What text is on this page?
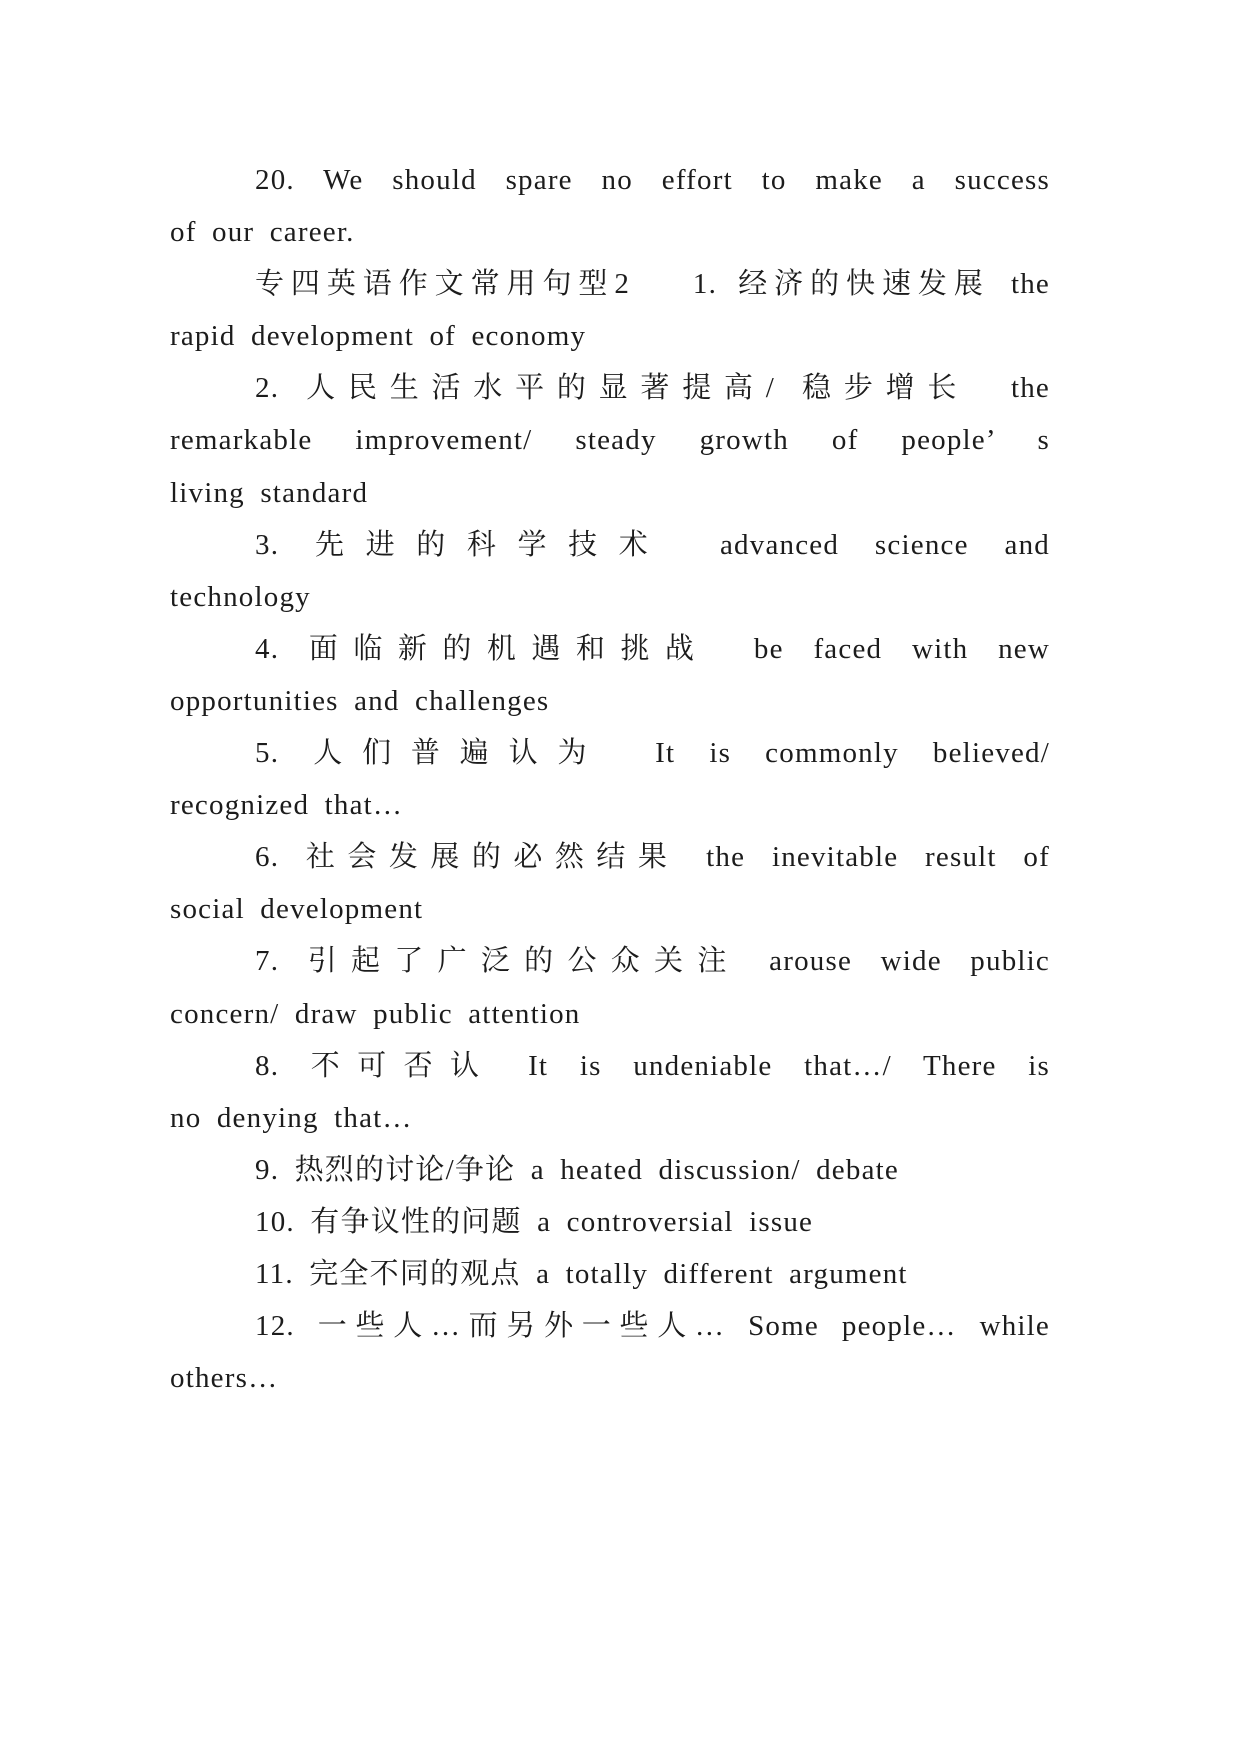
20. We should spare no effort to make a success
of our career.
专四英语作文常用句型2　 1. 经济的快速发展 the
rapid development of economy
2. 人民生活水平的显著提高/ 稳步增长　the
remarkable improvement/ steady growth of people’ s
living standard
3. 先进的科学技术　advanced science and
technology
4. 面临新的机遇和挑战　be faced with new
opportunities and challenges
5. 人们普遍认为　It is commonly believed/
recognized that…
6. 社会发展的必然结果 the inevitable result of
social development
7. 引起了广泛的公众关注 arouse wide public
concern/ draw public attention
8. 不可否认 It is undeniable that…/ There is
no denying that…
9. 热烈的讨论/争论 a heated discussion/ debate
10. 有争议性的问题 a controversial issue
11. 完全不同的观点 a totally different argument
12. 一些人…而另外一些人… Some people… while
others…
